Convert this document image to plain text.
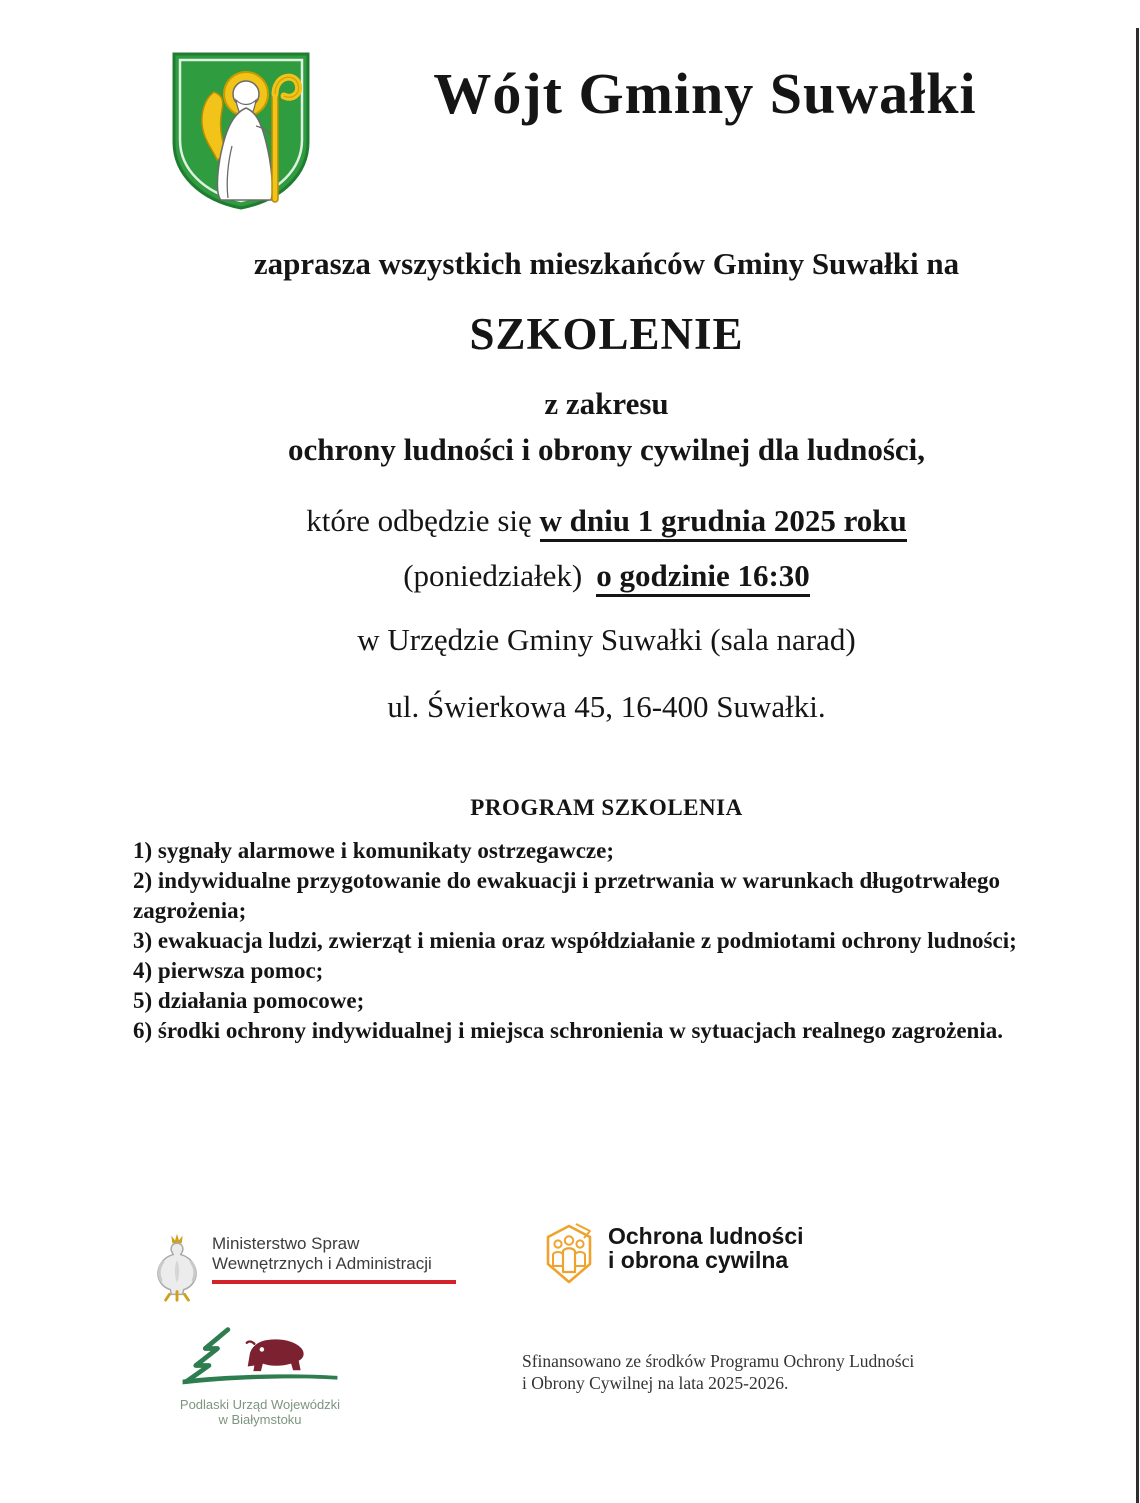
Wójt Gminy Suwałki
zaprasza wszystkich mieszkańców Gminy Suwałki na
SZKOLENIE
z zakresu
ochrony ludności i obrony cywilnej dla ludności,
które odbędzie się w dniu 1 grudnia 2025 roku
(poniedziałek) o godzinie 16:30
w Urzędzie Gminy Suwałki (sala narad)
ul. Świerkowa 45, 16-400 Suwałki.
PROGRAM SZKOLENIA
1) sygnały alarmowe i komunikaty ostrzegawcze;
2) indywidualne przygotowanie do ewakuacji i przetrwania w warunkach długotrwałego zagrożenia;
3) ewakuacja ludzi, zwierząt i mienia oraz współdziałanie z podmiotami ochrony ludności;
4) pierwsza pomoc;
5) działania pomocowe;
6) środki ochrony indywidualnej i miejsca schronienia w sytuacjach realnego zagrożenia.
Ministerstwo Spraw
Wewnętrznych i Administracji
Ochrona ludności
i obrona cywilna
Podlaski Urząd Wojewódzki
w Białymstoku
Sfinansowano ze środków Programu Ochrony Ludności
i Obrony Cywilnej na lata 2025-2026.
